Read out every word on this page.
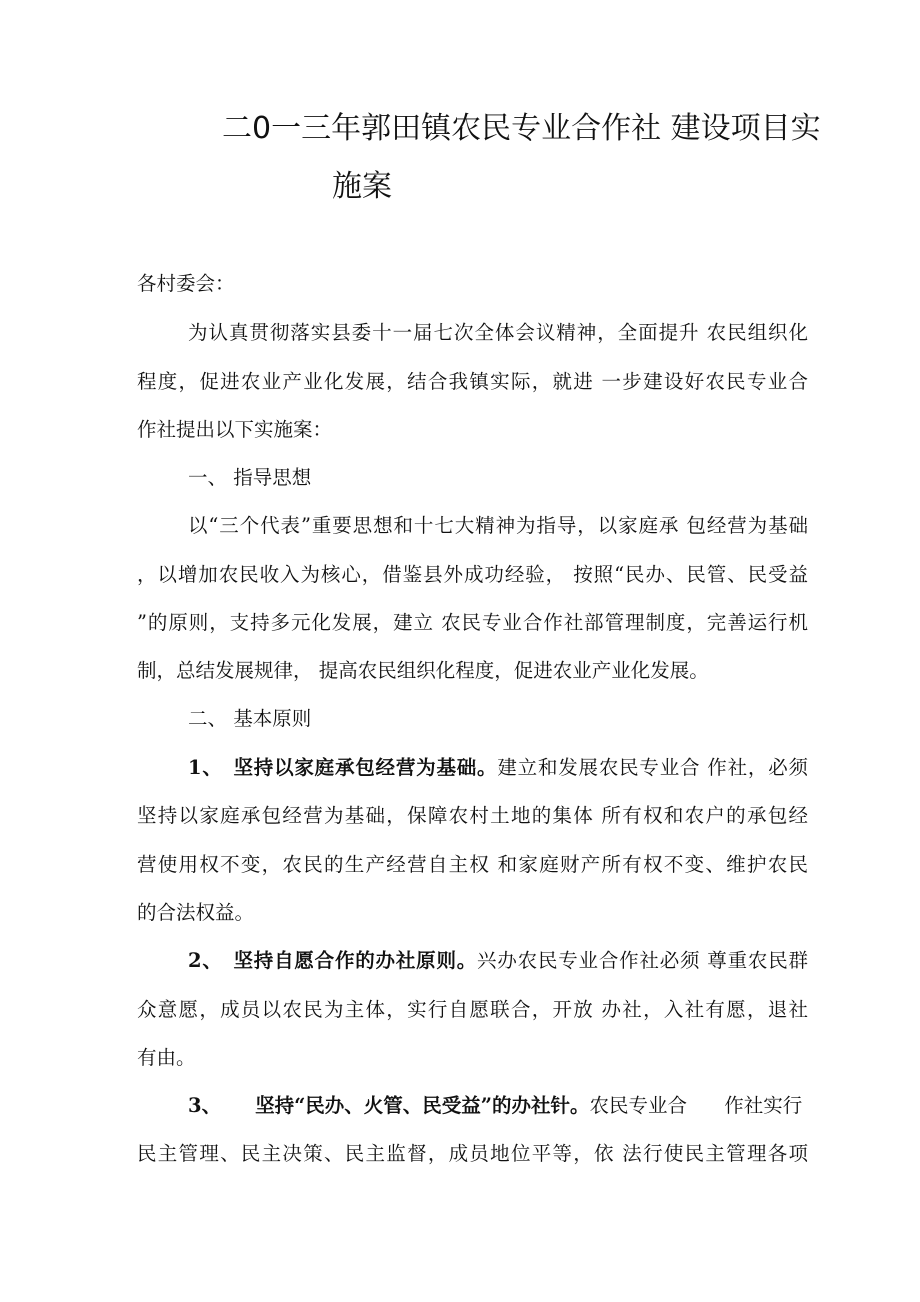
二0一三年郭田镇农民专业合作社 建设项目实
施案
各村委会：
为认真贯彻落实县委十一届七次全体会议精神，全面提升 农民组织化
程度，促进农业产业化发展，结合我镇实际，就进 一步建设好农民专业合
作社提出以下实施案：
一、 指导思想
以“三个代表”重要思想和十七大精神为指导，以家庭承 包经营为基础
，以增加农民收入为核心，借鉴县外成功经验， 按照“民办、民管、民受益
”的原则，支持多元化发展，建立 农民专业合作社部管理制度，完善运行机
制，总结发展规律， 提高农民组织化程度，促进农业产业化发展。
二、 基本原则
1、 坚持以家庭承包经营为基础。建立和发展农民专业合 作社，必须
坚持以家庭承包经营为基础，保障农村土地的集体 所有权和农户的承包经
营使用权不变，农民的生产经营自主权 和家庭财产所有权不变、维护农民
的合法权益。
2、 坚持自愿合作的办社原则。兴办农民专业合作社必须 尊重农民群
众意愿，成员以农民为主体，实行自愿联合，开放 办社，入社有愿，退社
有由。
3、 坚持“民办、火管、民受益”的办社针。农民专业合      作社实行
民主管理、民主决策、民主监督，成员地位平等，依 法行使民主管理各项
